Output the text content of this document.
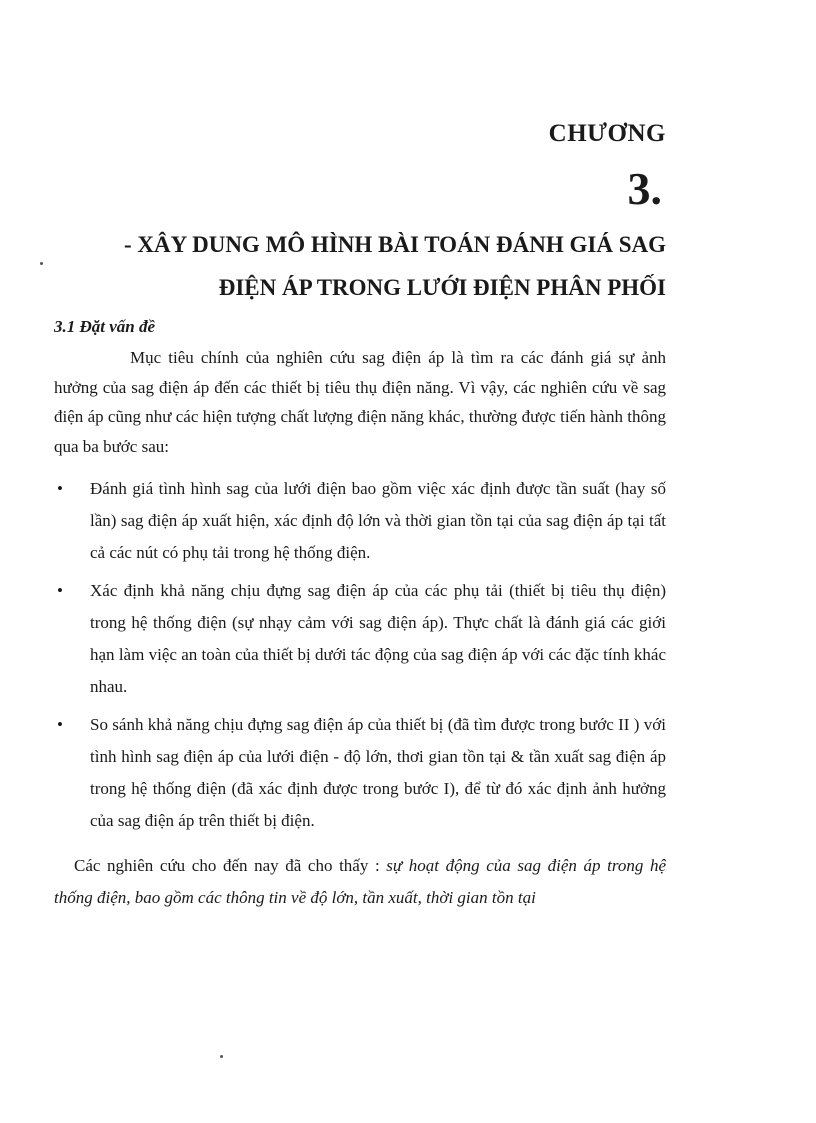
CHƯƠNG
3.
- XÂY DUNG MÔ HÌNH BÀI TOÁN ĐÁNH GIÁ SAG
ĐIỆN ÁP TRONG LƯỚI ĐIỆN PHÂN PHỐI
3.1 Đặt vấn đề

Mục tiêu chính của nghiên cứu sag điện áp là tìm ra các đánh giá sự ảnh hưởng của sag điện áp đến các thiết bị tiêu thụ điện năng. Vì vậy, các nghiên cứu về sag điện áp cũng như các hiện tượng chất lượng điện năng khác, thường được tiến hành thông qua ba bước sau:

• Đánh giá tình hình sag của lưới điện bao gồm việc xác định được tần suất (hay số lần) sag điện áp xuất hiện, xác định độ lớn và thời gian tồn tại của sag điện áp tại tất cả các nút có phụ tải trong hệ thống điện.
• Xác định khả năng chịu đựng sag điện áp của các phụ tải (thiết bị tiêu thụ điện) trong hệ thống điện (sự nhạy cảm với sag điện áp). Thực chất là đánh giá các giới hạn làm việc an toàn của thiết bị dưới tác động của sag điện áp với các đặc tính khác nhau.
• So sánh khả năng chịu đựng sag điện áp của thiết bị (đã tìm được trong bước II ) với tình hình sag điện áp của lưới điện - độ lớn, thơi gian tồn tại & tần xuất sag điện áp trong hệ thống điện (đã xác định được trong bước I), để từ đó xác định ảnh hưởng của sag điện áp trên thiết bị điện.

Các nghiên cứu cho đến nay đã cho thấy : sự hoạt động của sag điện áp trong hệ thống điện, bao gồm các thông tin về độ lớn, tần xuất, thời gian tồn tại
